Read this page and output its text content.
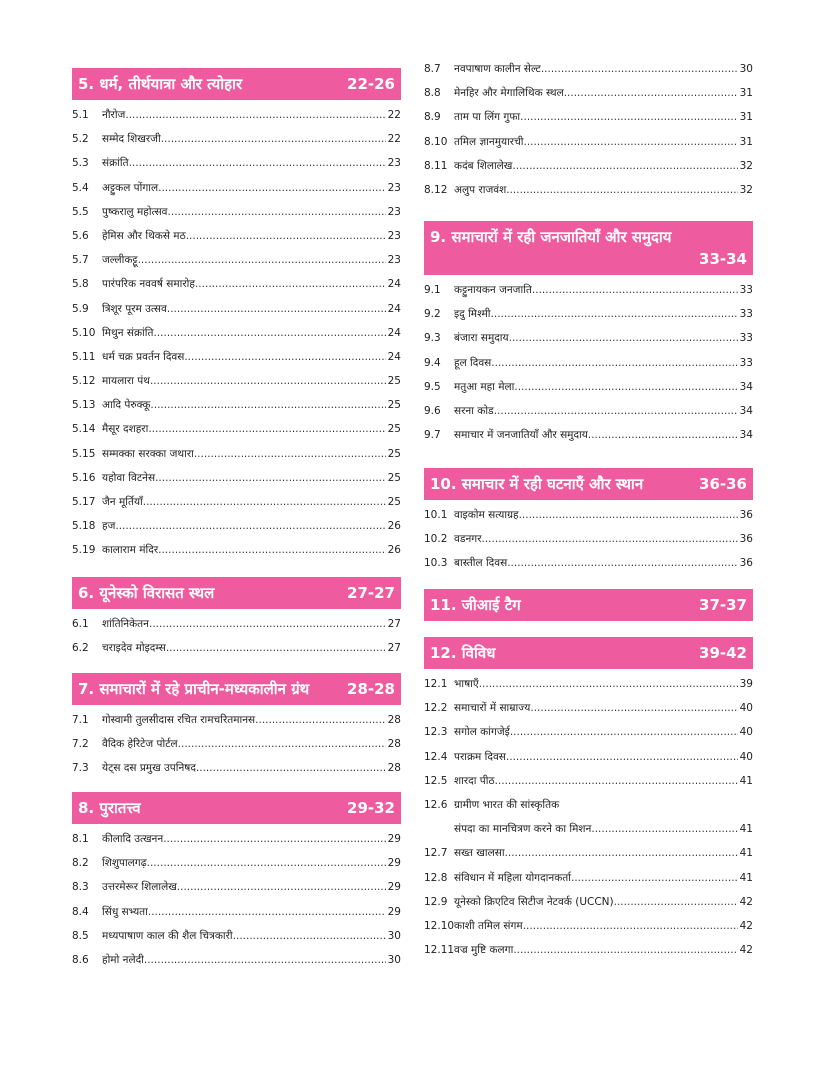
5. धर्म, तीर्थयात्रा और त्योहार	22-26
5.1	नौरोज .....	22
5.2	सम्मेद शिखरजी .....	22
5.3	संक्रांति .....	23
5.4	अट्टुकल पोंगाल .....	23
5.5	पुष्करालु महोत्सव .....	23
5.6	हेमिस और थिकसे मठ .....	23
5.7	जल्लीकट्टू .....	23
5.8	पारंपरिक नववर्ष समारोह .....	24
5.9	त्रिशूर पूरम उत्सव .....	24
5.10 मिथुन संक्रांति .....	24
5.11 धर्म चक्र प्रवर्तन दिवस .....	24
5.12 मायलारा पंथ .....	25
5.13 आदि पेरुक्कू .....	25
5.14 मैसूर दशहरा .....	25
5.15 सम्मक्का सरक्का जथारा .....	25
5.16 यहोवा विटनेस .....	25
5.17 जैन मूर्तियाँ .....	25
5.18 हज .....	26
5.19 कालाराम मंदिर .....	26
6. यूनेस्को विरासत स्थल	27-27
6.1	शांतिनिकेतन .....	27
6.2	चराइदेव मोइदम्स .....	27
7. समाचारों में रहे प्राचीन-मध्यकालीन ग्रंथ	28-28
7.1	गोस्वामी तुलसीदास रचित रामचरितमानस .....	28
7.2	वैदिक हेरिटेज पोर्टल .....	28
7.3	येट्स दस प्रमुख उपनिषद .....	28
8. पुरातत्त्व	29-32
8.1	कीलादि उत्खनन .....	29
8.2	शिशुपालगढ़ .....	29
8.3	उत्तरमेरूर शिलालेख .....	29
8.4	सिंधु सभ्यता .....	29
8.5	मध्यपाषाण काल की शैल चित्रकारी .....	30
8.6	होमो नलेदी .....	30
8.7	नवपाषाण कालीन सेल्ट .....	30
8.8	मेनहिर और मेगालिथिक स्थल .....	31
8.9	ताम पा लिंग गुफा .....	31
8.10 तमिल ज्ञानमुयारची .....	31
8.11 कदंब शिलालेख .....	32
8.12 अलुप राजवंश .....	32
9. समाचारों में रही जनजातियाँ और समुदाय
33-34
9.1	कट्टुनायकन जनजाति .....	33
9.2	इदु मिश्मी .....	33
9.3	बंजारा समुदाय .....	33
9.4	हूल दिवस .....	33
9.5	मतुआ महा मेला .....	34
9.6	सरना कोड .....	34
9.7	समाचार में जनजातियाँ और समुदाय .....	34
10. समाचार में रही घटनाएँ और स्थान	36-36
10.1 वाइकोम सत्याग्रह .....	36
10.2 वडनगर .....	36
10.3 बास्तील दिवस .....	36
11. जीआई टैग	37-37
12. विविध	39-42
12.1 भाषाएँ .....	39
12.2 समाचारों में साम्राज्य .....	40
12.3 सगोल कांगजेई .....	40
12.4 पराक्रम दिवस .....	40
12.5 शारदा पीठ .....	41
12.6 ग्रामीण भारत की सांस्कृतिक
संपदा का मानचित्रण करने का मिशन .....	41
12.7 सख्त खालसा .....	41
12.8 संविधान में महिला योगदानकर्ता .....	41
12.9 यूनेस्को क्रिएटिव सिटीज नेटवर्क (UCCN) .....	42
12.10 काशी तमिल संगम .....	42
12.11 वज्र मुष्टि कलगा .....	42
